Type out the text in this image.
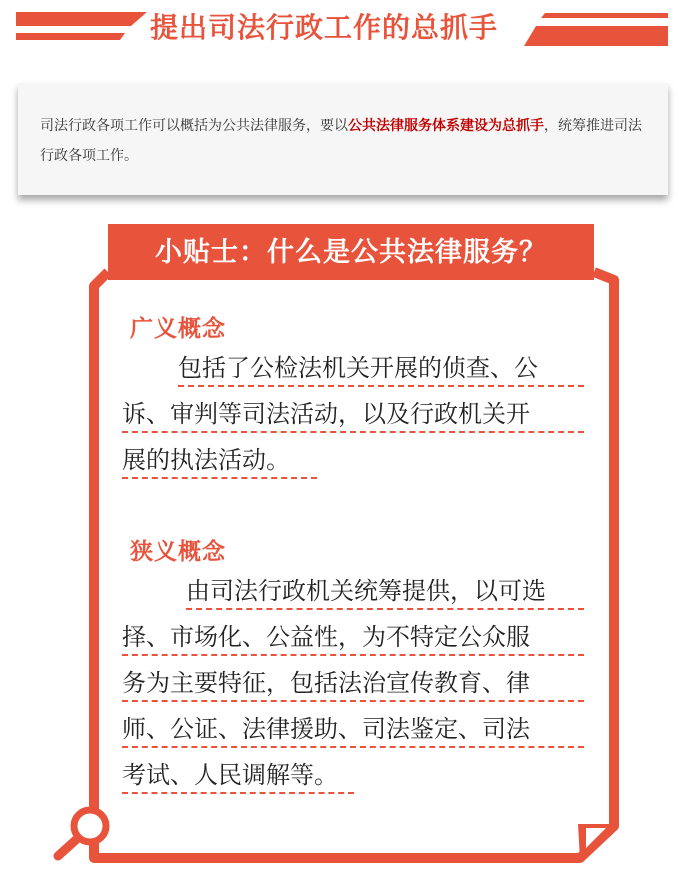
提出司法行政工作的总抓手

司法行政各项工作可以概括为公共法律服务，要以公共法律服务体系建设为总抓手，统筹推进司法行政各项工作。

小贴士：什么是公共法律服务？
广义概念
包括了公检法机关开展的侦查、公
诉、审判等司法活动，以及行政机关开
展的执法活动。
狭义概念
由司法行政机关统筹提供，以可选
择、市场化、公益性，为不特定公众服
务为主要特征，包括法治宣传教育、律
师、公证、法律援助、司法鉴定、司法
考试、人民调解等。
